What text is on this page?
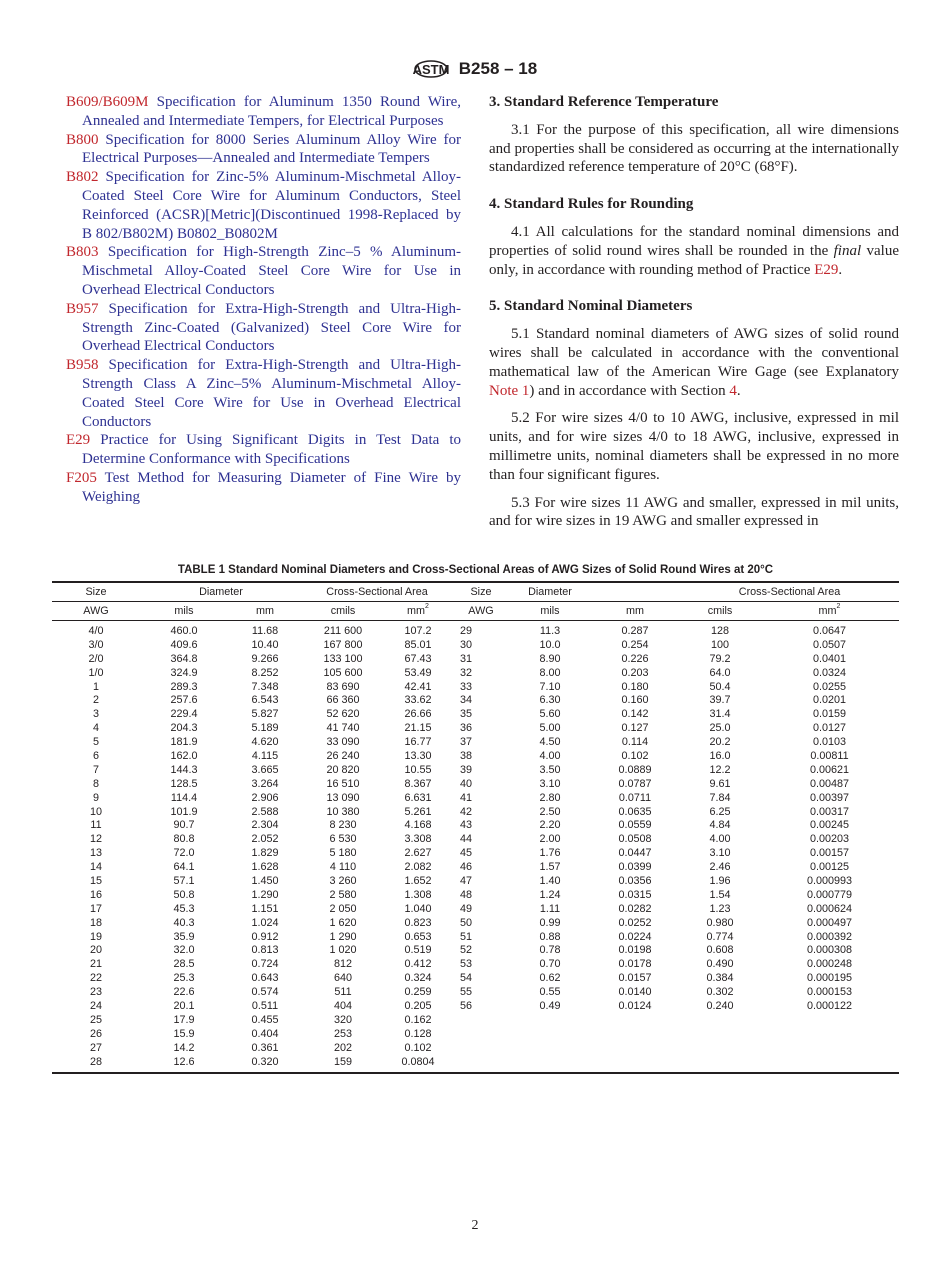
ASTM B258 – 18
B609/B609M Specification for Aluminum 1350 Round Wire, Annealed and Intermediate Tempers, for Electrical Purposes
B800 Specification for 8000 Series Aluminum Alloy Wire for Electrical Purposes—Annealed and Intermediate Tempers
B802 Specification for Zinc-5% Aluminum-Mischmetal Alloy-Coated Steel Core Wire for Aluminum Conductors, Steel Reinforced (ACSR)[Metric](Discontinued 1998-Replaced by B 802/B802M) B0802_B0802M
B803 Specification for High-Strength Zinc–5 % Aluminum-Mischmetal Alloy-Coated Steel Core Wire for Use in Overhead Electrical Conductors
B957 Specification for Extra-High-Strength and Ultra-High-Strength Zinc-Coated (Galvanized) Steel Core Wire for Overhead Electrical Conductors
B958 Specification for Extra-High-Strength and Ultra-High-Strength Class A Zinc–5% Aluminum-Mischmetal Alloy-Coated Steel Core Wire for Use in Overhead Electrical Conductors
E29 Practice for Using Significant Digits in Test Data to Determine Conformance with Specifications
F205 Test Method for Measuring Diameter of Fine Wire by Weighing
3. Standard Reference Temperature
3.1 For the purpose of this specification, all wire dimensions and properties shall be considered as occurring at the internationally standardized reference temperature of 20°C (68°F).
4. Standard Rules for Rounding
4.1 All calculations for the standard nominal dimensions and properties of solid round wires shall be rounded in the final value only, in accordance with rounding method of Practice E29.
5. Standard Nominal Diameters
5.1 Standard nominal diameters of AWG sizes of solid round wires shall be calculated in accordance with the conventional mathematical law of the American Wire Gage (see Explanatory Note 1) and in accordance with Section 4.
5.2 For wire sizes 4/0 to 10 AWG, inclusive, expressed in mil units, and for wire sizes 4/0 to 18 AWG, inclusive, expressed in millimetre units, nominal diameters shall be expressed in no more than four significant figures.
5.3 For wire sizes 11 AWG and smaller, expressed in mil units, and for wire sizes in 19 AWG and smaller expressed in
TABLE 1 Standard Nominal Diameters and Cross-Sectional Areas of AWG Sizes of Solid Round Wires at 20°C
Size	Diameter		Cross-Sectional Area		Size	Diameter		Cross-Sectional Area	
AWG	mils	mm	cmils	$mm^2$	AWG	mils	mm	cmils	$mm^2$
4/0	460.0	11.68	211 600	107.2	29	11.3	0.287	128	0.0647
3/0	409.6	10.40	167 800	85.01	30	10.0	0.254	100	0.0507
2/0	364.8	9.266	133 100	67.43	31	8.90	0.226	79.2	0.0401
1/0	324.9	8.252	105 600	53.49	32	8.00	0.203	64.0	0.0324
1	289.3	7.348	83 690	42.41	33	7.10	0.180	50.4	0.0255
2	257.6	6.543	66 360	33.62	34	6.30	0.160	39.7	0.0201
3	229.4	5.827	52 620	26.66	35	5.60	0.142	31.4	0.0159
4	204.3	5.189	41 740	21.15	36	5.00	0.127	25.0	0.0127
5	181.9	4.620	33 090	16.77	37	4.50	0.114	20.2	0.0103
6	162.0	4.115	26 240	13.30	38	4.00	0.102	16.0	0.00811
7	144.3	3.665	20 820	10.55	39	3.50	0.0889	12.2	0.00621
8	128.5	3.264	16 510	8.367	40	3.10	0.0787	9.61	0.00487
9	114.4	2.906	13 090	6.631	41	2.80	0.0711	7.84	0.00397
10	101.9	2.588	10 380	5.261	42	2.50	0.0635	6.25	0.00317
11	90.7	2.304	8 230	4.168	43	2.20	0.0559	4.84	0.00245
12	80.8	2.052	6 530	3.308	44	2.00	0.0508	4.00	0.00203
13	72.0	1.829	5 180	2.627	45	1.76	0.0447	3.10	0.00157
14	64.1	1.628	4 110	2.082	46	1.57	0.0399	2.46	0.00125
15	57.1	1.450	3 260	1.652	47	1.40	0.0356	1.96	0.000993
16	50.8	1.290	2 580	1.308	48	1.24	0.0315	1.54	0.000779
17	45.3	1.151	2 050	1.040	49	1.11	0.0282	1.23	0.000624
18	40.3	1.024	1 620	0.823	50	0.99	0.0252	0.980	0.000497
19	35.9	0.912	1 290	0.653	51	0.88	0.0224	0.774	0.000392
20	32.0	0.813	1 020	0.519	52	0.78	0.0198	0.608	0.000308
21	28.5	0.724	812	0.412	53	0.70	0.0178	0.490	0.000248
22	25.3	0.643	640	0.324	54	0.62	0.0157	0.384	0.000195
23	22.6	0.574	511	0.259	55	0.55	0.0140	0.302	0.000153
24	20.1	0.511	404	0.205	56	0.49	0.0124	0.240	0.000122
25	17.9	0.455	320	0.162					
26	15.9	0.404	253	0.128					
27	14.2	0.361	202	0.102					
28	12.6	0.320	159	0.0804					
2
